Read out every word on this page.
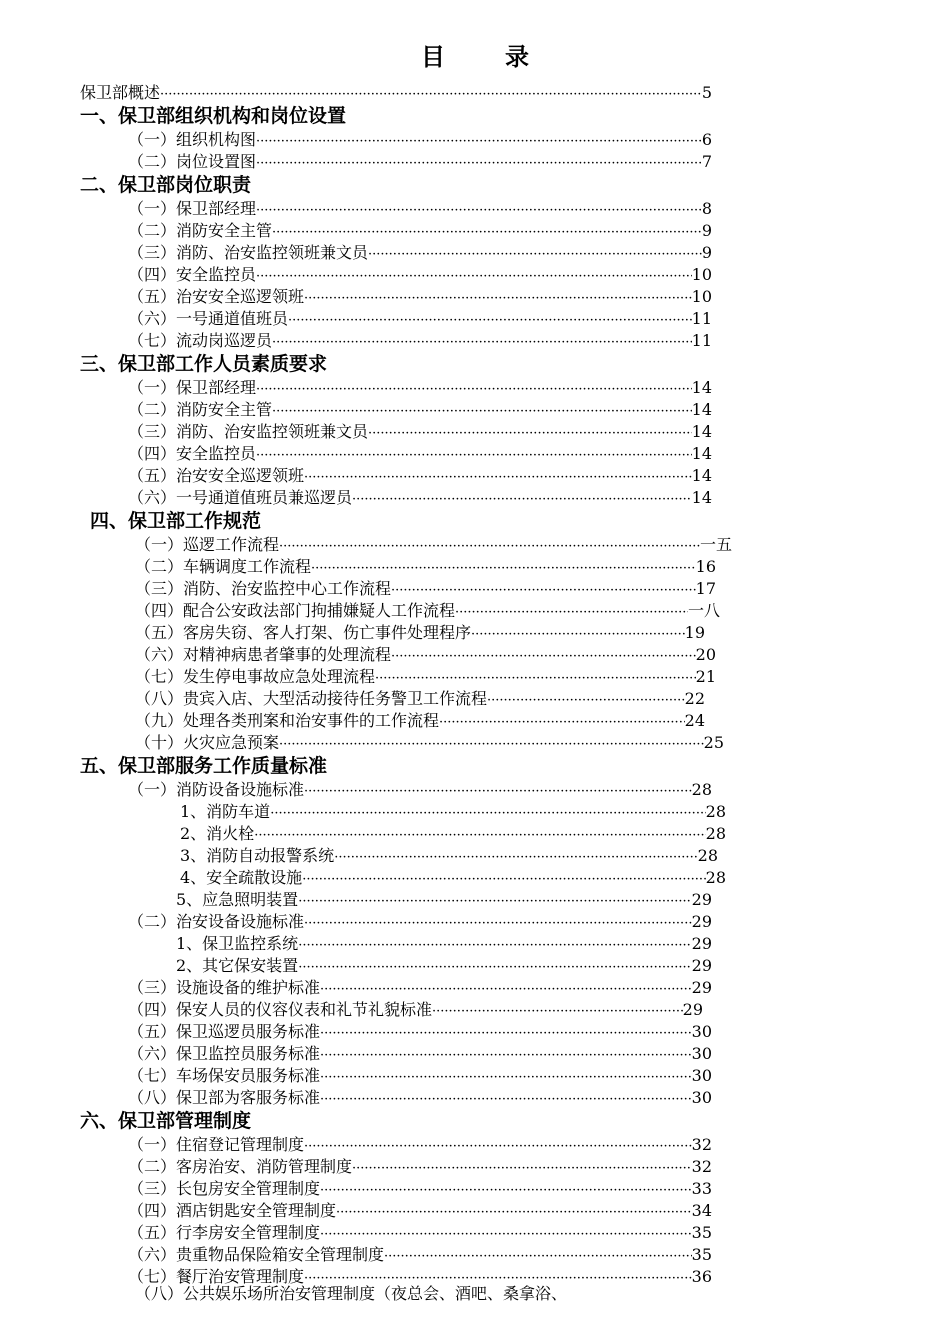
目	录
保卫部概述 ·····	5
一、保卫部组织机构和岗位设置
（一）组织机构图 ·····	6
（二）岗位设置图 ·····	7
二、保卫部岗位职责
（一）保卫部经理 ·····	8
（二）消防安全主管 ·····	9
（三）消防、治安监控领班兼文员 ·····	9
（四）安全监控员 ·····	10
（五）治安安全巡逻领班 ·····	10
（六）一号通道值班员 ·····	11
（七）流动岗巡逻员 ·····	11
三、保卫部工作人员素质要求
（一）保卫部经理 ·····	14
（二）消防安全主管 ·····	14
（三）消防、治安监控领班兼文员 ·····	14
（四）安全监控员 ·····	14
（五）治安安全巡逻领班 ·····	14
（六）一号通道值班员兼巡逻员 ·····	14
四、保卫部工作规范
（一）巡逻工作流程 ·····	一五
（二）车辆调度工作流程 ·····	16
（三）消防、治安监控中心工作流程 ·····	17
（四）配合公安政法部门拘捕嫌疑人工作流程 ·····	一八
（五）客房失窃、客人打架、伤亡事件处理程序 ·····	19
（六）对精神病患者肇事的处理流程 ·····	20
（七）发生停电事故应急处理流程 ·····	21
（八）贵宾入店、大型活动接待任务警卫工作流程 ·····	22
（九）处理各类刑案和治安事件的工作流程 ·····	24
（十）火灾应急预案 ·····	25
五、保卫部服务工作质量标准
（一）消防设备设施标准 ·····	28
1、消防车道 ·····	28
2、消火栓 ·····	28
3、消防自动报警系统 ·····	28
4、安全疏散设施 ·····	28
5、应急照明装置 ·····	29
（二）治安设备设施标准 ·····	29
1、保卫监控系统 ·····	29
2、其它保安装置 ·····	29
（三）设施设备的维护标准 ·····	29
（四）保安人员的仪容仪表和礼节礼貌标准 ·····	29
（五）保卫巡逻员服务标准 ·····	30
（六）保卫监控员服务标准 ·····	30
（七）车场保安员服务标准 ·····	30
（八）保卫部为客服务标准 ·····	30
六、保卫部管理制度
（一）住宿登记管理制度 ·····	32
（二）客房治安、消防管理制度 ·····	32
（三）长包房安全管理制度 ·····	33
（四）酒店钥匙安全管理制度 ·····	34
（五）行李房安全管理制度 ·····	35
（六）贵重物品保险箱安全管理制度 ·····	35
（七）餐厅治安管理制度 ·····	36
（八）公共娱乐场所治安管理制度（夜总会、酒吧、桑拿浴、
